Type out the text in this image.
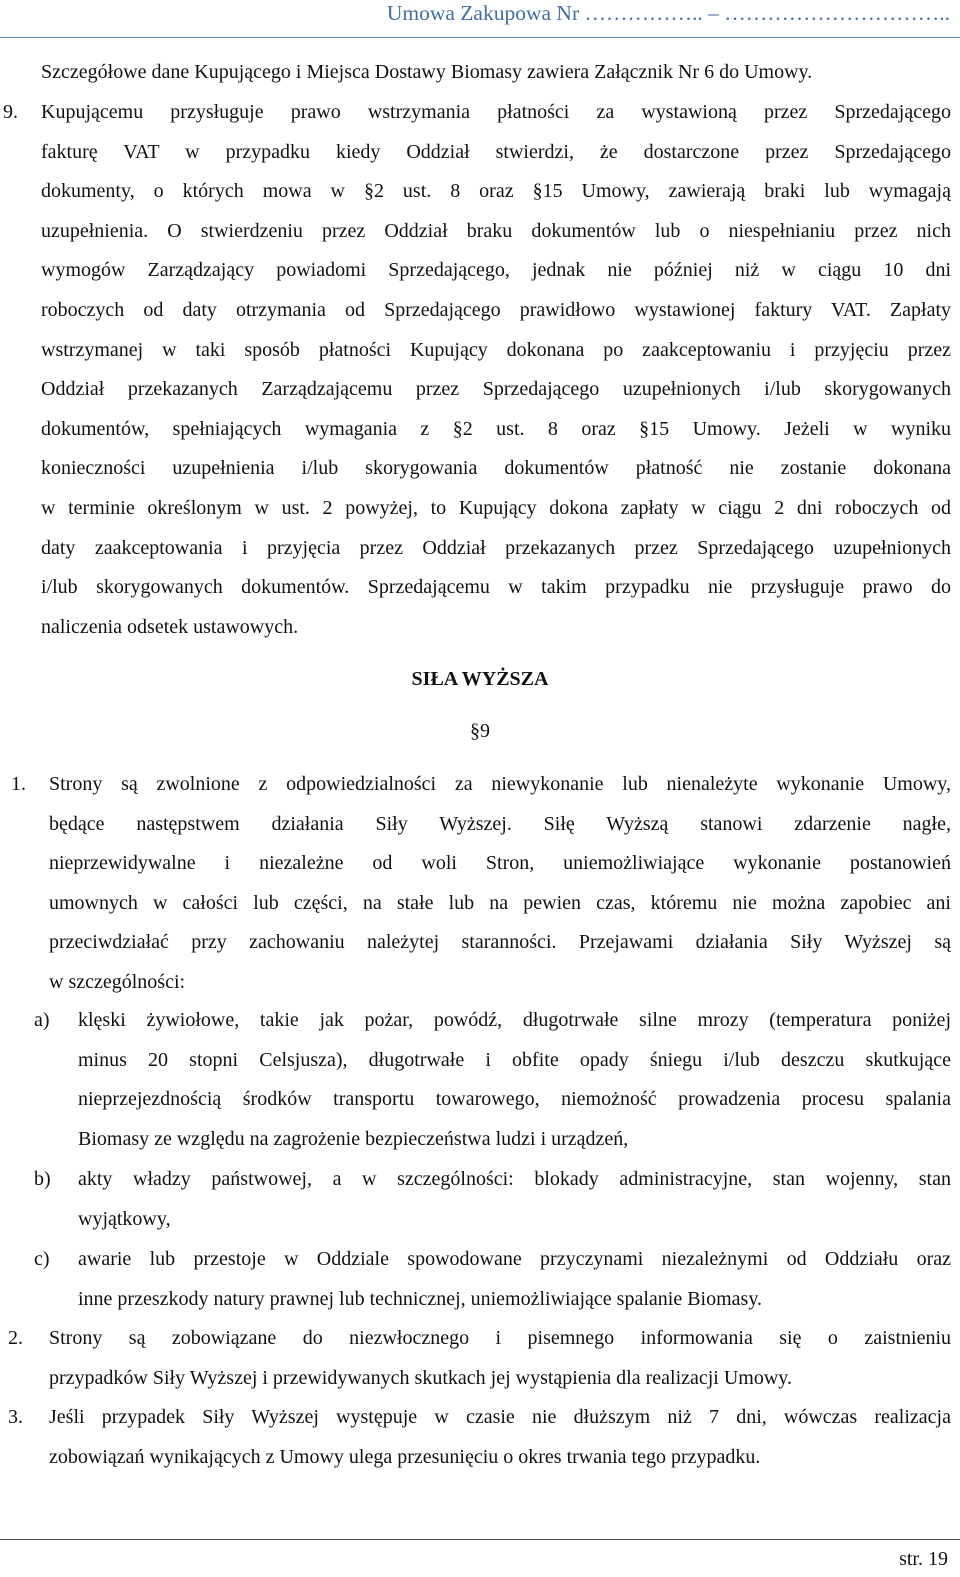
Umowa Zakupowa Nr …………….. – …………………………..
Szczegółowe dane Kupującego i Miejsca Dostawy Biomasy zawiera Załącznik Nr 6 do Umowy.
9. Kupującemu przysługuje prawo wstrzymania płatności za wystawioną przez Sprzedającego
fakturę VAT w przypadku kiedy Oddział stwierdzi, że dostarczone przez Sprzedającego
dokumenty, o których mowa w §2 ust. 8 oraz §15 Umowy, zawierają braki lub wymagają
uzupełnienia. O stwierdzeniu przez Oddział braku dokumentów lub o niespełnianiu przez nich
wymogów Zarządzający powiadomi Sprzedającego, jednak nie później niż w ciągu 10 dni
roboczych od daty otrzymania od Sprzedającego prawidłowo wystawionej faktury VAT. Zapłaty
wstrzymanej w taki sposób płatności Kupujący dokonana po zaakceptowaniu i przyjęciu przez
Oddział przekazanych Zarządzającemu przez Sprzedającego uzupełnionych i/lub skorygowanych
dokumentów, spełniających wymagania z §2 ust. 8 oraz §15 Umowy. Jeżeli w wyniku
konieczności uzupełnienia i/lub skorygowania dokumentów płatność nie zostanie dokonana
w terminie określonym w ust. 2 powyżej, to Kupujący dokona zapłaty w ciągu 2 dni roboczych od
daty zaakceptowania i przyjęcia przez Oddział przekazanych przez Sprzedającego uzupełnionych
i/lub skorygowanych dokumentów. Sprzedającemu w takim przypadku nie przysługuje prawo do
naliczenia odsetek ustawowych.
SIŁA WYŻSZA
§9
1. Strony są zwolnione z odpowiedzialności za niewykonanie lub nienależyte wykonanie Umowy,
będące następstwem działania Siły Wyższej. Siłę Wyższą stanowi zdarzenie nagłe,
nieprzewidywalne i niezależne od woli Stron, uniemożliwiające wykonanie postanowień
umownych w całości lub części, na stałe lub na pewien czas, któremu nie można zapobiec ani
przeciwdziałać przy zachowaniu należytej staranności. Przejawami działania Siły Wyższej są
w szczególności:
a) klęski żywiołowe, takie jak pożar, powódź, długotrwałe silne mrozy (temperatura poniżej
minus 20 stopni Celsjusza), długotrwałe i obfite opady śniegu i/lub deszczu skutkujące
nieprzejezdnością środków transportu towarowego, niemożność prowadzenia procesu spalania
Biomasy ze względu na zagrożenie bezpieczeństwa ludzi i urządzeń,
b) akty władzy państwowej, a w szczególności: blokady administracyjne, stan wojenny, stan
wyjątkowy,
c) awarie lub przestoje w Oddziale spowodowane przyczynami niezależnymi od Oddziału oraz
inne przeszkody natury prawnej lub technicznej, uniemożliwiające spalanie Biomasy.
2. Strony są zobowiązane do niezwłocznego i pisemnego informowania się o zaistnieniu
przypadków Siły Wyższej i przewidywanych skutkach jej wystąpienia dla realizacji Umowy.
3. Jeśli przypadek Siły Wyższej występuje w czasie nie dłuższym niż 7 dni, wówczas realizacja
zobowiązań wynikających z Umowy ulega przesunięciu o okres trwania tego przypadku.
str. 19
